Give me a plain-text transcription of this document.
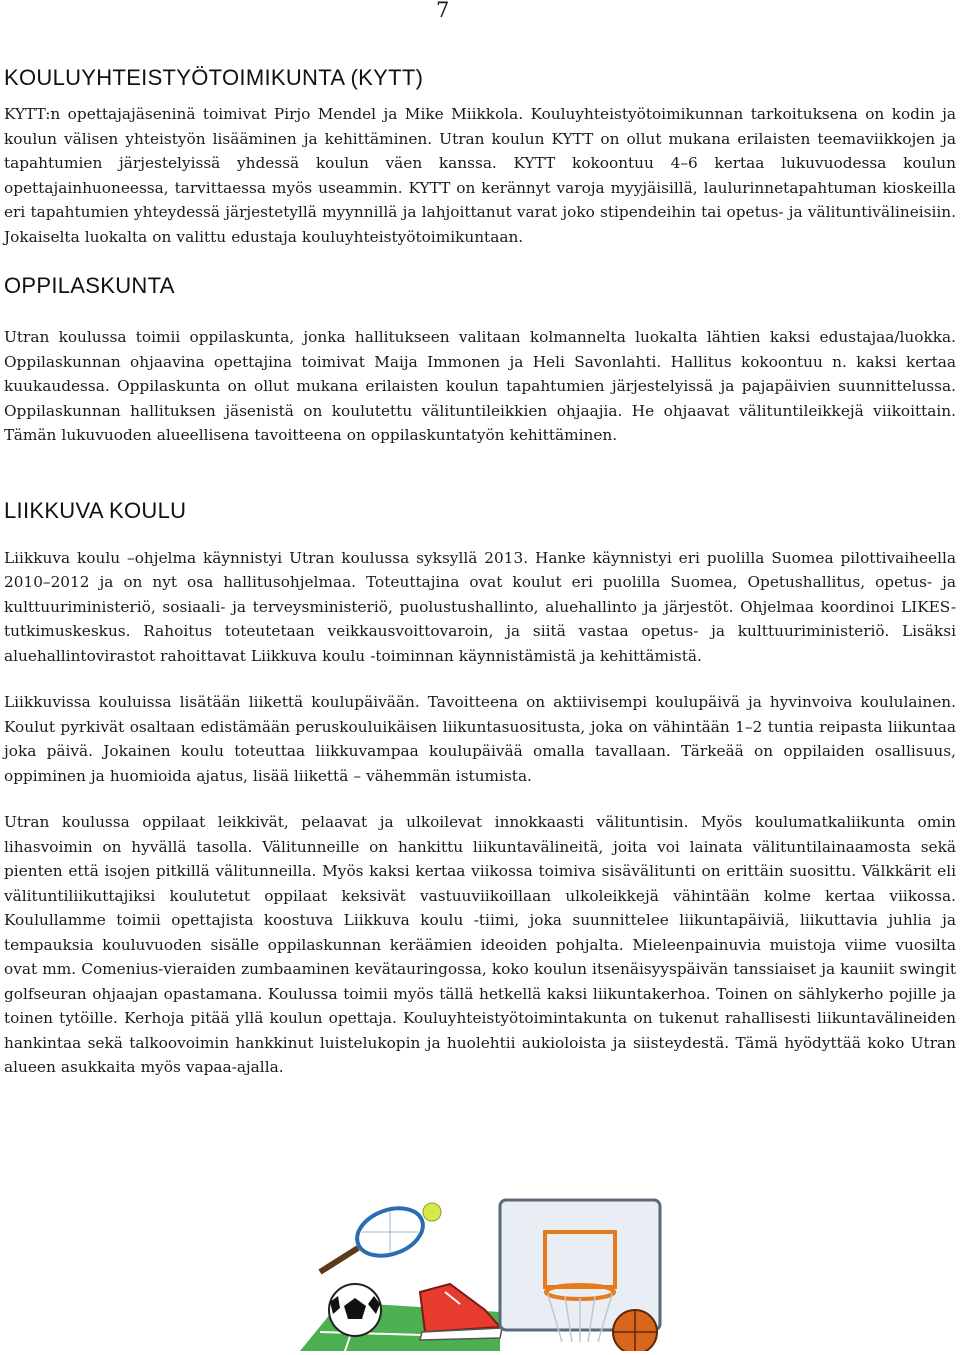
7
KOULUYHTEISTYÖTOIMIKUNTA (KYTT)

KYTT:n opettajajäseninä toimivat Pirjo Mendel ja Mike Miikkola. Kouluyhteistyötoimikunnan tarkoituksena on kodin ja koulun välisen yhteistyön lisääminen ja kehittäminen. Utran koulun KYTT on ollut mukana erilaisten teemaviikkojen ja tapahtumien järjestelyissä yhdessä koulun väen kanssa. KYTT kokoontuu 4–6 kertaa lukuvuodessa koulun opettajainhuoneessa, tarvittaessa myös useammin. KYTT on kerännyt varoja myyjäisillä, laulurinnetapahtuman kioskeilla eri tapahtumien yhteydessä järjestetyllä myynnillä ja lahjoittanut varat joko stipendeihin tai opetus- ja välituntivälineisiin. Jokaiselta luokalta on valittu edustaja kouluyhteistyötoimikuntaan.

OPPILASKUNTA

Utran koulussa toimii oppilaskunta, jonka hallitukseen valitaan kolmannelta luokalta lähtien kaksi edustajaa/luokka. Oppilaskunnan ohjaavina opettajina toimivat Maija Immonen ja Heli Savonlahti. Hallitus kokoontuu n. kaksi kertaa kuukaudessa. Oppilaskunta on ollut mukana erilaisten koulun tapahtumien järjestelyissä ja pajapäivien suunnittelussa. Oppilaskunnan hallituksen jäsenistä on koulutettu välituntileikkien ohjaajia. He ohjaavat välituntileikkejä viikoittain. Tämän lukuvuoden alueellisena tavoitteena on oppilaskuntatyön kehittäminen.

LIIKKUVA KOULU

Liikkuva koulu –ohjelma käynnistyi Utran koulussa syksyllä 2013. Hanke käynnistyi eri puolilla Suomea pilottivaiheella 2010–2012 ja on nyt osa hallitusohjelmaa. Toteuttajina ovat koulut eri puolilla Suomea, Opetushallitus, opetus- ja kulttuuriministeriö, sosiaali- ja terveysministeriö, puolustushallinto, aluehallinto ja järjestöt. Ohjelmaa koordinoi LIKES-tutkimuskeskus. Rahoitus toteutetaan veikkausvoittovaroin, ja siitä vastaa opetus- ja kulttuuriministeriö. Lisäksi aluehallintovirastot rahoittavat Liikkuva koulu -toiminnan käynnistämistä ja kehittämistä.

Liikkuvissa kouluissa lisätään liikettä koulupäivään. Tavoitteena on aktiivisempi koulupäivä ja hyvinvoiva koululainen. Koulut pyrkivät osaltaan edistämään peruskouluikäisen liikuntasuositusta, joka on vähintään 1–2 tuntia reipasta liikuntaa joka päivä. Jokainen koulu toteuttaa liikkuvampaa koulupäivää omalla tavallaan. Tärkeää on oppilaiden osallisuus, oppiminen ja huomioida ajatus, lisää liikettä – vähemmän istumista.

Utran koulussa oppilaat leikkivät, pelaavat ja ulkoilevat innokkaasti välituntisin. Myös koulumatkaliikunta omin lihasvoimin on hyvällä tasolla. Välitunneille on hankittu liikuntavälineitä, joita voi lainata välituntilainaamosta sekä pienten että isojen pitkillä välitunneilla. Myös kaksi kertaa viikossa toimiva sisävälitunti on erittäin suosittu. Välkkärit eli välituntiliikuttajiksi koulutetut oppilaat keksivät vastuuviikoillaan ulkoleikkejä vähintään kolme kertaa viikossa. Koulullamme toimii opettajista koostuva Liikkuva koulu -tiimi, joka suunnittelee liikuntapäiviä, liikuttavia juhlia ja tempauksia kouluvuoden sisälle oppilaskunnan keräämien ideoiden pohjalta. Mieleenpainuvia muistoja viime vuosilta ovat mm. Comenius-vieraiden zumbaaminen kevätauringossa, koko koulun itsenäisyyspäivän tanssiaiset ja kauniit swingit golfseuran ohjaajan opastamana. Koulussa toimii myös tällä hetkellä kaksi liikuntakerhoa. Toinen on sählykerho pojille ja toinen tytöille. Kerhoja pitää yllä koulun opettaja. Kouluyhteistyötoimintakunta on tukenut rahallisesti liikuntavälineiden hankintaa sekä talkoovoimin hankkinut luistelukopin ja huolehtii aukioloista ja siisteydestä. Tämä hyödyttää koko Utran alueen asukkaita myös vapaa-ajalla.
